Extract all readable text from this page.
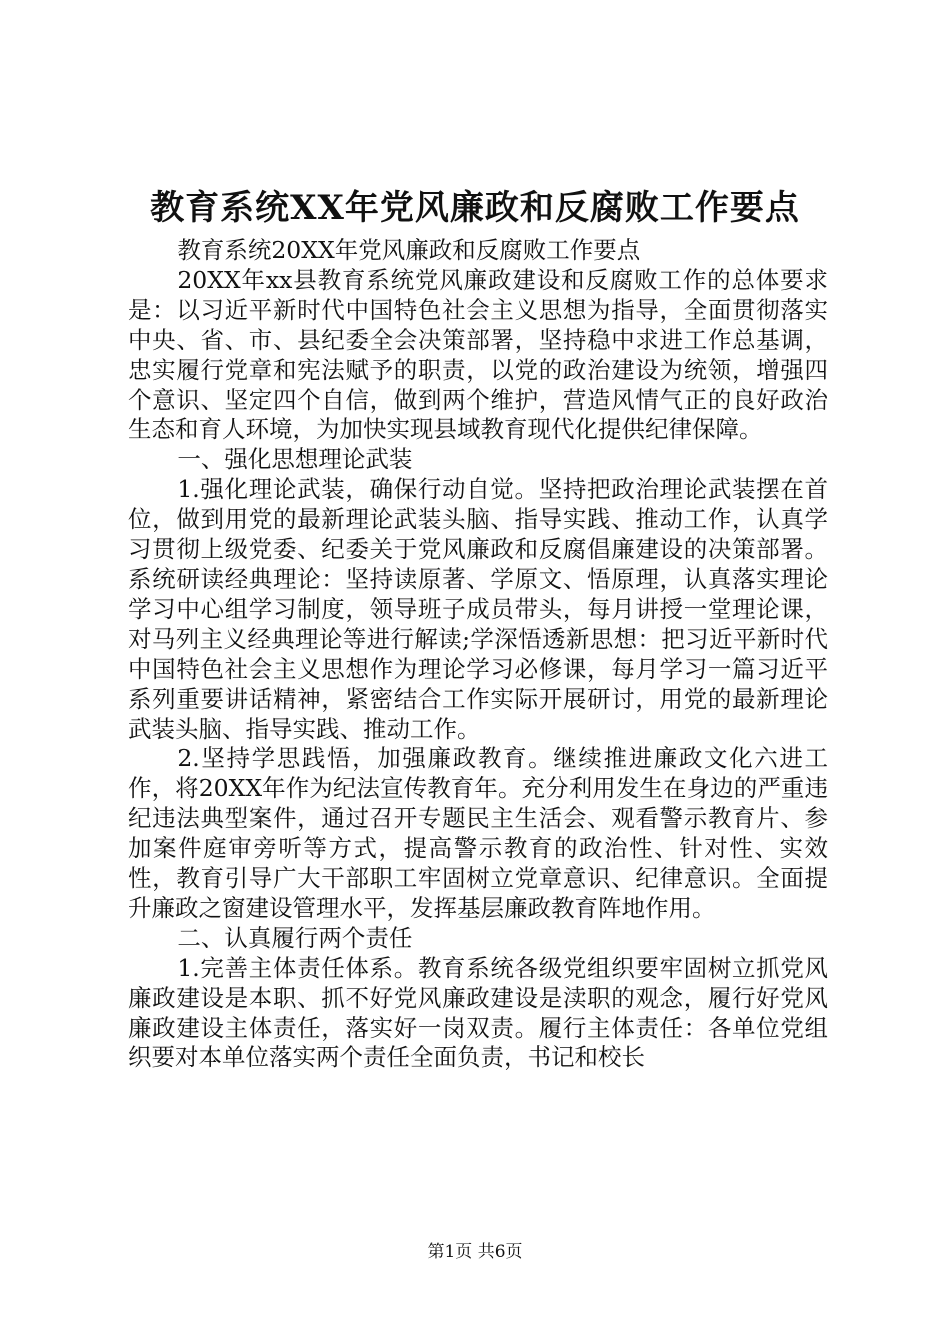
教育系统XX年党风廉政和反腐败工作要点

教育系统20XX年党风廉政和反腐败工作要点

20XX年xx县教育系统党风廉政建设和反腐败工作的总体要求是：以习近平新时代中国特色社会主义思想为指导，全面贯彻落实中央、省、市、县纪委全会决策部署，坚持稳中求进工作总基调，忠实履行党章和宪法赋予的职责，以党的政治建设为统领，增强四个意识、坚定四个自信，做到两个维护，营造风情气正的良好政治生态和育人环境，为加快实现县域教育现代化提供纪律保障。

一、强化思想理论武装

1.强化理论武装，确保行动自觉。坚持把政治理论武装摆在首位，做到用党的最新理论武装头脑、指导实践、推动工作，认真学习贯彻上级党委、纪委关于党风廉政和反腐倡廉建设的决策部署。系统研读经典理论：坚持读原著、学原文、悟原理，认真落实理论学习中心组学习制度，领导班子成员带头，每月讲授一堂理论课，对马列主义经典理论等进行解读;学深悟透新思想：把习近平新时代中国特色社会主义思想作为理论学习必修课，每月学习一篇习近平系列重要讲话精神，紧密结合工作实际开展研讨，用党的最新理论武装头脑、指导实践、推动工作。

2.坚持学思践悟，加强廉政教育。继续推进廉政文化六进工作，将20XX年作为纪法宣传教育年。充分利用发生在身边的严重违纪违法典型案件，通过召开专题民主生活会、观看警示教育片、参加案件庭审旁听等方式，提高警示教育的政治性、针对性、实效性，教育引导广大干部职工牢固树立党章意识、纪律意识。全面提升廉政之窗建设管理水平，发挥基层廉政教育阵地作用。

二、认真履行两个责任

1.完善主体责任体系。教育系统各级党组织要牢固树立抓党风廉政建设是本职、抓不好党风廉政建设是渎职的观念，履行好党风廉政建设主体责任，落实好一岗双责。履行主体责任：各单位党组织要对本单位落实两个责任全面负责，书记和校长

第1页 共6页
